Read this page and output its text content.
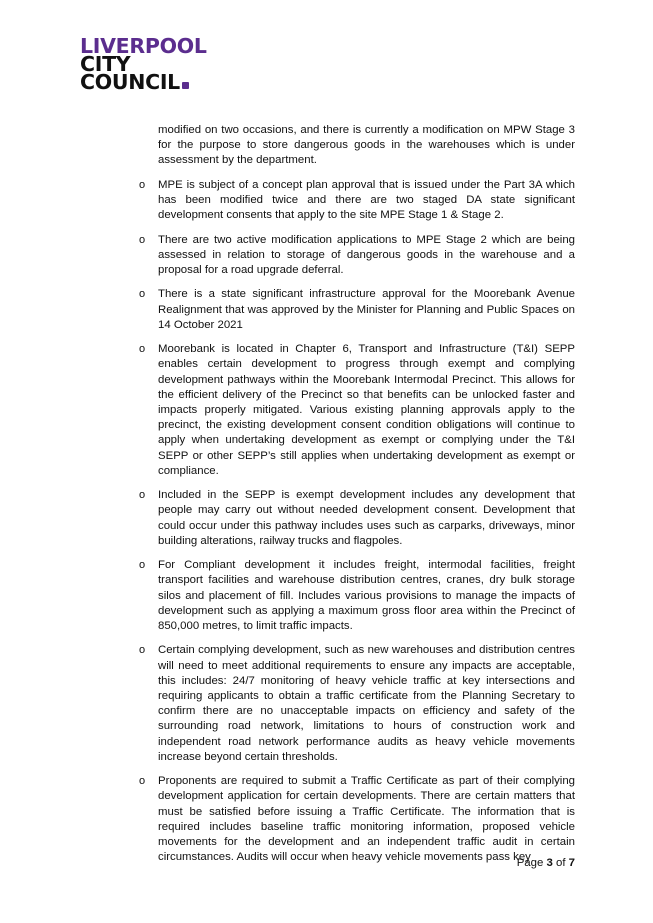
LIVERPOOL
CITY
COUNCIL

modified on two occasions, and there is currently a modification on MPW Stage 3 for the purpose to store dangerous goods in the warehouses which is under assessment by the department.

o MPE is subject of a concept plan approval that is issued under the Part 3A which has been modified twice and there are two staged DA state significant development consents that apply to the site MPE Stage 1 & Stage 2.

o There are two active modification applications to MPE Stage 2 which are being assessed in relation to storage of dangerous goods in the warehouse and a proposal for a road upgrade deferral.

o There is a state significant infrastructure approval for the Moorebank Avenue Realignment that was approved by the Minister for Planning and Public Spaces on 14 October 2021

o Moorebank is located in Chapter 6, Transport and Infrastructure (T&I) SEPP enables certain development to progress through exempt and complying development pathways within the Moorebank Intermodal Precinct. This allows for the efficient delivery of the Precinct so that benefits can be unlocked faster and impacts properly mitigated. Various existing planning approvals apply to the precinct, the existing development consent condition obligations will continue to apply when undertaking development as exempt or complying under the T&I SEPP or other SEPP’s still applies when undertaking development as exempt or compliance.

o Included in the SEPP is exempt development includes any development that people may carry out without needed development consent. Development that could occur under this pathway includes uses such as carparks, driveways, minor building alterations, railway trucks and flagpoles.

o For Compliant development it includes freight, intermodal facilities, freight transport facilities and warehouse distribution centres, cranes, dry bulk storage silos and placement of fill. Includes various provisions to manage the impacts of development such as applying a maximum gross floor area within the Precinct of 850,000 metres, to limit traffic impacts.

o Certain complying development, such as new warehouses and distribution centres will need to meet additional requirements to ensure any impacts are acceptable, this includes: 24/7 monitoring of heavy vehicle traffic at key intersections and requiring applicants to obtain a traffic certificate from the Planning Secretary to confirm there are no unacceptable impacts on efficiency and safety of the surrounding road network, limitations to hours of construction work and independent road network performance audits as heavy vehicle movements increase beyond certain thresholds.

o Proponents are required to submit a Traffic Certificate as part of their complying development application for certain developments. There are certain matters that must be satisfied before issuing a Traffic Certificate. The information that is required includes baseline traffic monitoring information, proposed vehicle movements for the development and an independent traffic audit in certain circumstances. Audits will occur when heavy vehicle movements pass key

Page 3 of 7
